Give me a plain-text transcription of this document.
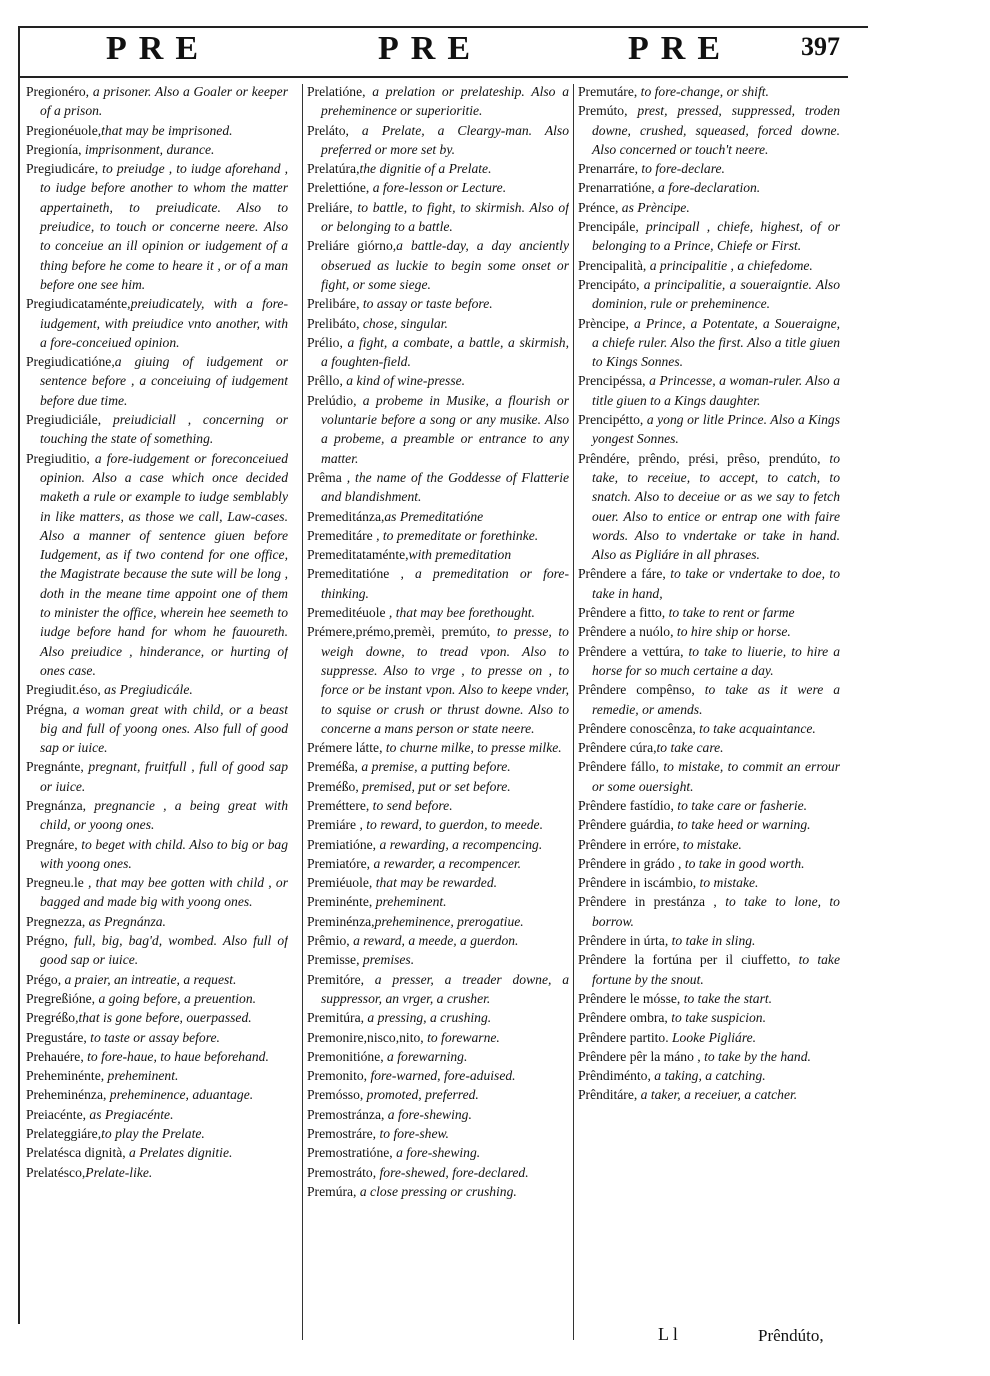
PRE	PRE	PRE	397
Pregionéro, a prisoner. Also a Goaler or keeper of a prison.
Pregionéuole,that may be imprisoned.
Pregionía, imprisonment, durance.
Pregiudicáre, to preiudge , to iudge aforehand , to iudge before another to whom the matter appertaineth, to preiudicate. Also to preiudice, to touch or concerne neere. Also to conceiue an ill opinion or iudgement of a thing before he come to heare it , or of a man before one see him.
Pregiudicataménte,preiudicately, with a fore-iudgement, with preiudice vnto another, with a fore-conceiued opinion.
Pregiudicatióne,a giuing of iudgement or sentence before , a conceiuing of iudgement before due time.
Pregiudiciále, preiudiciall , concerning or touching the state of something.
Pregiuditio, a fore-iudgement or foreconceiued opinion. Also a case which once decided maketh a rule or example to iudge semblably in like matters, as those we call, Law-cases. Also a manner of sentence giuen before Iudgement, as if two contend for one office, the Magistrate because the sute will be long , doth in the meane time appoint one of them to minister the office, wherein hee seemeth to iudge before hand for whom he fauoureth. Also preiudice , hinderance, or hurting of ones case.
Pregiudit.éso, as Pregiudicále.
Prégna, a woman great with child, or a beast big and full of yoong ones. Also full of good sap or iuice.
Pregnánte, pregnant, fruitfull , full of good sap or iuice.
Pregnánza, pregnancie , a being great with child, or yoong ones.
Pregnáre, to beget with child. Also to big or bag with yoong ones.
Pregneu.le , that may bee gotten with child , or bagged and made big with yoong ones.
Pregnezza, as Pregnánza.
Prégno, full, big, bag'd, wombed. Also full of good sap or iuice.
Prégo, a praier, an intreatie, a request.
Pregreßióne, a going before, a preuention.
Pregréßo,that is gone before, ouerpassed.
Pregustáre, to taste or assay before.
Prehauére, to fore-haue, to haue beforehand.
Preheminénte, preheminent.
Preheminénza, preheminence, aduantage.
Preiacénte, as Pregiacénte.
Prelateggiáre,to play the Prelate.
Prelatésca dignità, a Prelates dignitie.
Prelatésco,Prelate-like.
Prelatióne, a prelation or prelateship. Also a preheminence or superioritie.
Preláto, a Prelate, a Cleargy-man. Also preferred or more set by.
Prelatúra,the dignitie of a Prelate.
Prelettióne, a fore-lesson or Lecture.
Preliáre, to battle, to fight, to skirmish. Also of or belonging to a battle.
Preliáre giórno,a battle-day, a day anciently obserued as luckie to begin some onset or fight, or some siege.
Prelibáre, to assay or taste before.
Prelibáto, chose, singular.
Prélio, a fight, a combate, a battle, a skirmish, a foughten-field.
Prêllo, a kind of wine-presse.
Prelúdio, a probeme in Musike, a flourish or voluntarie before a song or any musike. Also a probeme, a preamble or entrance to any matter.
Prêma , the name of the Goddesse of Flatterie and blandishment.
Premeditánza,as Premeditatióne
Premeditáre , to premeditate or forethinke.
Premeditataménte,with premeditation
Premeditatióne , a premeditation or fore-thinking.
Premeditéuole , that may bee forethought.
Prémere,prémo,premèi, premúto, to presse, to weigh downe, to tread vpon. Also to suppresse. Also to vrge , to presse on , to force or be instant vpon. Also to keepe vnder, to squise or crush or thrust downe. Also to concerne a mans person or state neere.
Prémere látte, to churne milke, to presse milke.
Preméßa, a premise, a putting before.
Preméßo, premised, put or set before.
Preméttere, to send before.
Premiáre , to reward, to guerdon, to meede.
Premiatióne, a rewarding, a recompencing.
Premiatóre, a rewarder, a recompencer.
Premiéuole, that may be rewarded.
Preminénte, preheminent.
Preminénza,preheminence, prerogatiue.
Prêmio, a reward, a meede, a guerdon.
Premisse, premises.
Premitóre, a presser, a treader downe, a suppressor, an vrger, a crusher.
Premitúra, a pressing, a crushing.
Premonire,nisco,nito, to forewarne.
Premonitióne, a forewarning.
Premonito, fore-warned, fore-aduised.
Premósso, promoted, preferred.
Premostránza, a fore-shewing.
Premostráre, to fore-shew.
Premostratióne, a fore-shewing.
Premostráto, fore-shewed, fore-declared.
Premúra, a close pressing or crushing.
Premutáre, to fore-change, or shift.
Premúto, prest, pressed, suppressed, troden downe, crushed, squeased, forced downe. Also concerned or touch't neere.
Prenarráre, to fore-declare.
Prenarratióne, a fore-declaration.
Prénce, as Prèncipe.
Prencipále, principall , chiefe, highest, of or belonging to a Prince, Chiefe or First.
Prencipalità, a principalitie , a chiefedome.
Prencipáto, a principalitie, a soueraigntie. Also dominion, rule or preheminence.
Prèncipe, a Prince, a Potentate, a Soueraigne, a chiefe ruler. Also the first. Also a title giuen to Kings Sonnes.
Prencipéssa, a Princesse, a woman-ruler. Also a title giuen to a Kings daughter.
Prencipétto, a yong or litle Prince. Also a Kings yongest Sonnes.
Prêndére, prêndo, prési, prêso, prendúto, to take, to receiue, to accept, to catch, to snatch. Also to deceiue or as we say to fetch ouer. Also to entice or entrap one with faire words. Also to vndertake or take in hand. Also as Pigliáre in all phrases.
Prêndere a fáre, to take or vndertake to doe, to take in hand,
Prêndere a fitto, to take to rent or farme
Prêndere a nuólo, to hire ship or horse.
Prêndere a vettúra, to take to liuerie, to hire a horse for so much certaine a day.
Prêndere compênso, to take as it were a remedie, or amends.
Prêndere conoscênza, to take acquaintance.
Prêndere cúra,to take care.
Prêndere fállo, to mistake, to commit an errour or some ouersight.
Prêndere fastídio, to take care or fasherie.
Prêndere guárdia, to take heed or warning.
Prêndere in erróre, to mistake.
Prêndere in grádo , to take in good worth.
Prêndere in iscámbio, to mistake.
Prêndere in prestánza , to take to lone, to borrow.
Prêndere in úrta, to take in sling.
Prêndere la fortúna per il ciuffetto, to take fortune by the snout.
Prêndere le mósse, to take the start.
Prêndere ombra, to take suspicion.
Prêndere partito. Looke Pigliáre.
Prêndere pêr la máno , to take by the hand.
Prêndiménto, a taking, a catching.
Prênditáre, a taker, a receiuer, a catcher.
L l	Prêndúto,
